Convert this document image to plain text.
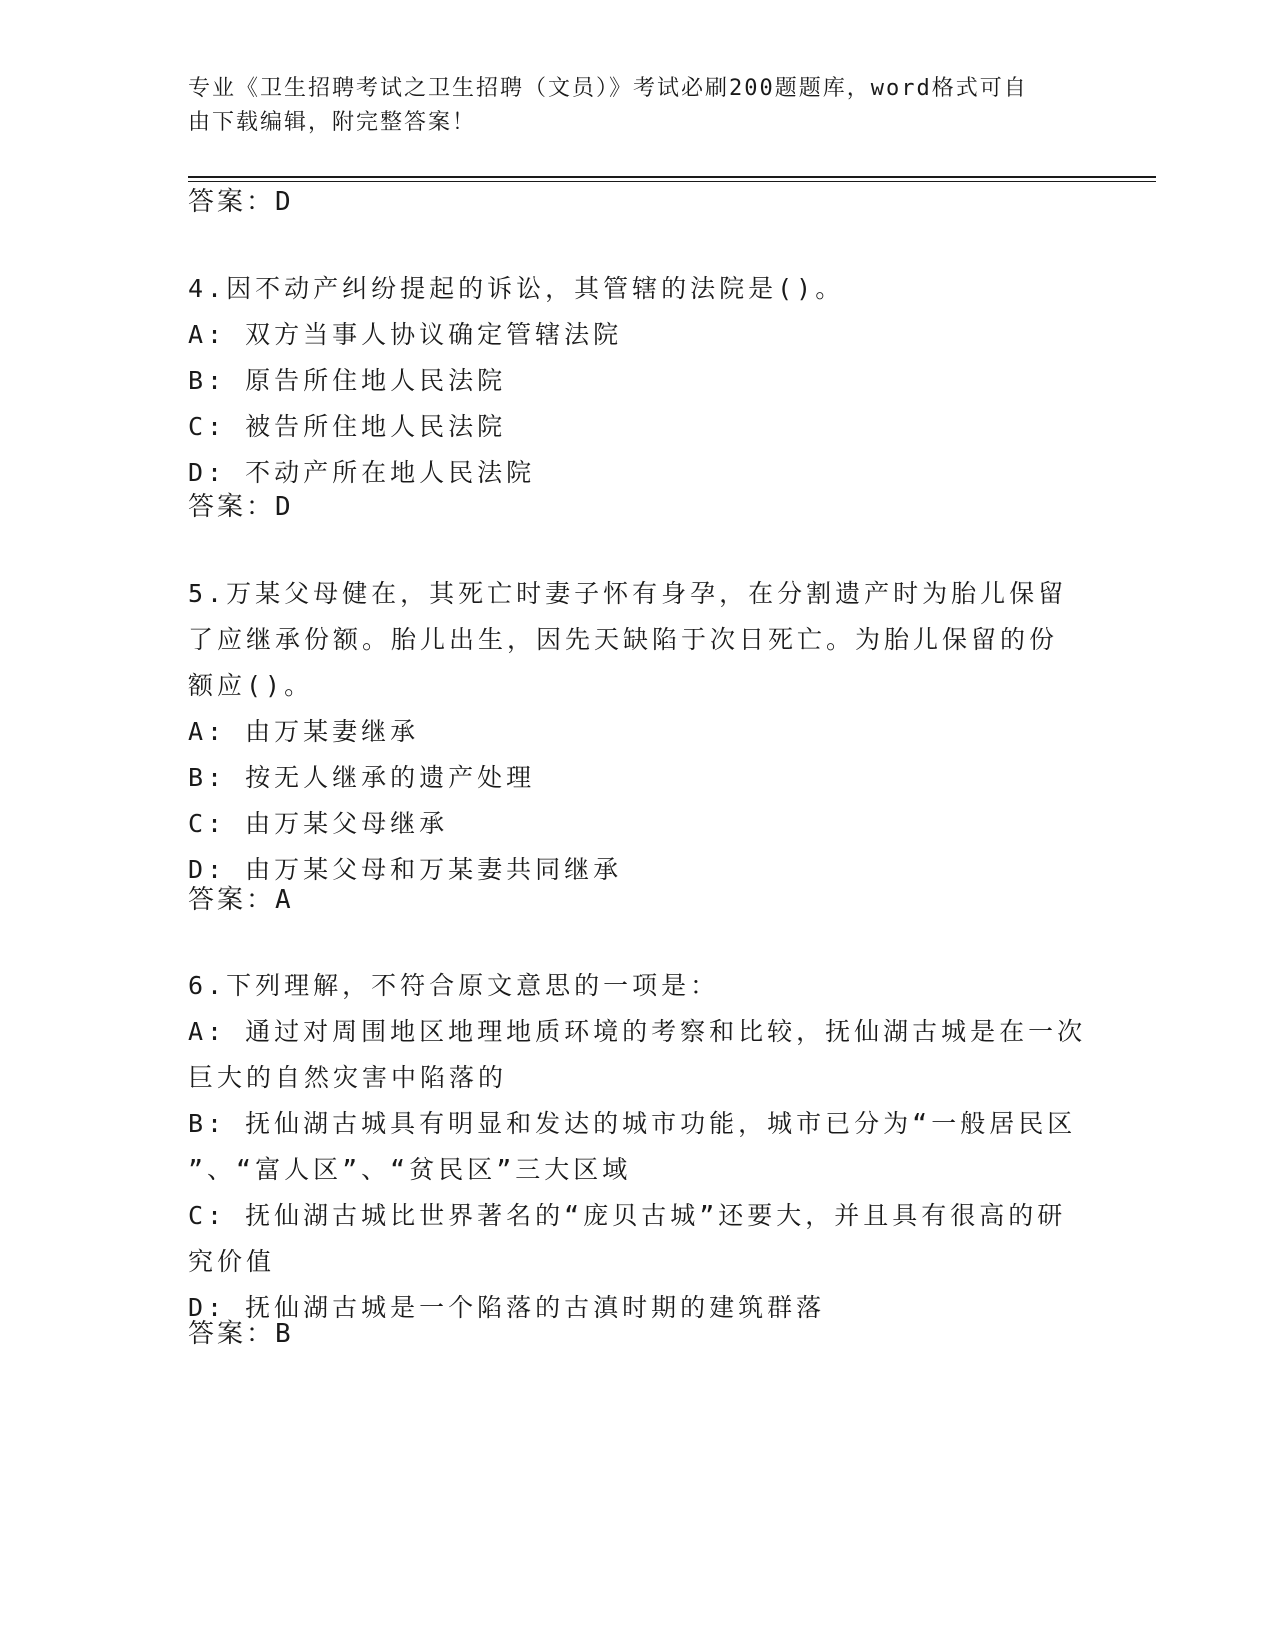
专业《卫生招聘考试之卫生招聘（文员）》考试必刷200题题库，word格式可自
由下载编辑，附完整答案！
答案：D
4.因不动产纠纷提起的诉讼，其管辖的法院是()。
A: 双方当事人协议确定管辖法院
B: 原告所住地人民法院
C: 被告所住地人民法院
D: 不动产所在地人民法院
答案：D
5.万某父母健在，其死亡时妻子怀有身孕，在分割遗产时为胎儿保留
了应继承份额。胎儿出生，因先天缺陷于次日死亡。为胎儿保留的份
额应()。
A: 由万某妻继承
B: 按无人继承的遗产处理
C: 由万某父母继承
D: 由万某父母和万某妻共同继承
答案：A
6.下列理解，不符合原文意思的一项是：
A: 通过对周围地区地理地质环境的考察和比较，抚仙湖古城是在一次
巨大的自然灾害中陷落的
B: 抚仙湖古城具有明显和发达的城市功能，城市已分为“一般居民区
”、“富人区”、“贫民区”三大区域
C: 抚仙湖古城比世界著名的“庞贝古城”还要大，并且具有很高的研
究价值
D: 抚仙湖古城是一个陷落的古滇时期的建筑群落
答案：B
